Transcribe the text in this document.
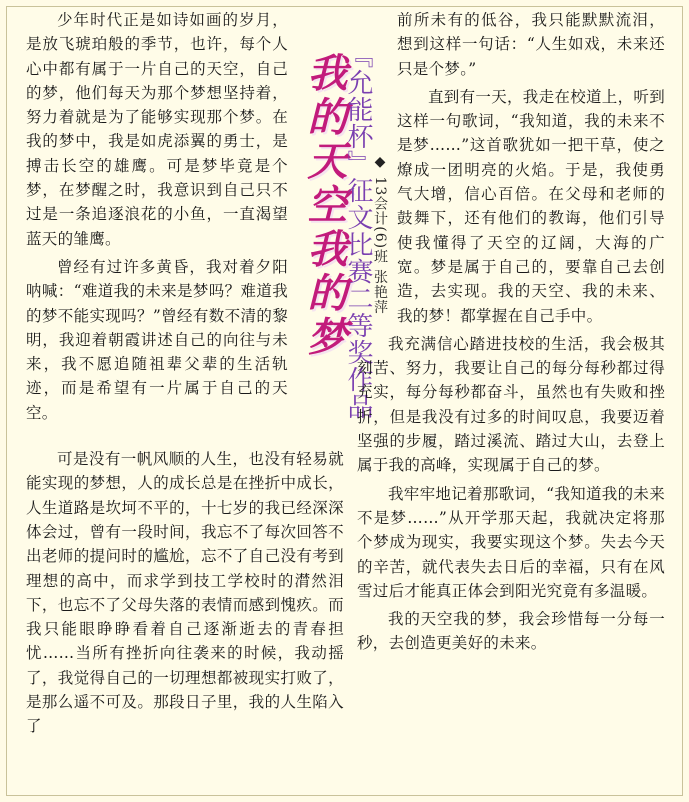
少年时代正是如诗如画的岁月，是放飞琥珀般的季节，也许，每个人心中都有属于一片自己的天空，自己的梦，他们每天为那个梦想坚持着，努力着就是为了能够实现那个梦。在我的梦中，我是如虎添翼的勇士，是搏击长空的雄鹰。可是梦毕竟是个梦，在梦醒之时，我意识到自己只不过是一条追逐浪花的小鱼，一直渴望蓝天的雏鹰。

曾经有过许多黄昏，我对着夕阳呐喊：“难道我的未来是梦吗？难道我的梦不能实现吗？”曾经有数不清的黎明，我迎着朝霞讲述自己的向往与未来，我不愿追随祖辈父辈的生活轨迹，而是希望有一片属于自己的天空。

可是没有一帆风顺的人生，也没有轻易就能实现的梦想，人的成长总是在挫折中成长，人生道路是坎坷不平的，十七岁的我已经深深体会过，曾有一段时间，我忘不了每次回答不出老师的提问时的尴尬，忘不了自己没有考到理想的高中，而求学到技工学校时的潸然泪下，也忘不了父母失落的表情而感到愧疚。而我只能眼睁睁看着自己逐渐逝去的青春担忧……当所有挫折向往袭来的时候，我动摇了，我觉得自己的一切理想都被现实打败了，是那么遥不可及。那段日子里，我的人生陷入了

我的天空我的梦
『允能杯』征文比赛二等奖作品 ◆ 13会计(6)班 张艳萍

前所未有的低谷，我只能默默流泪，想到这样一句话：“人生如戏，未来还只是个梦。”

直到有一天，我走在校道上，听到这样一句歌词，“我知道，我的未来不是梦……”这首歌犹如一把干草，使之燎成一团明亮的火焰。于是，我使勇气大增，信心百倍。在父母和老师的鼓舞下，还有他们的教诲，他们引导使我懂得了天空的辽阔，大海的广宽。梦是属于自己的，要靠自己去创造，去实现。我的天空、我的未来、我的梦！都掌握在自己手中。

我充满信心踏进技校的生活，我会极其刻苦、努力，我要让自己的每分每秒都过得充实，每分每秒都奋斗，虽然也有失败和挫折，但是我没有过多的时间叹息，我要迈着坚强的步履，踏过溪流、踏过大山，去登上属于我的高峰，实现属于自己的梦。

我牢牢地记着那歌词，“我知道我的未来不是梦……”从开学那天起，我就决定将那个梦成为现实，我要实现这个梦。失去今天的辛苦，就代表失去日后的幸福，只有在风雪过后才能真正体会到阳光究竟有多温暖。

我的天空我的梦，我会珍惜每一分每一秒，去创造更美好的未来。
